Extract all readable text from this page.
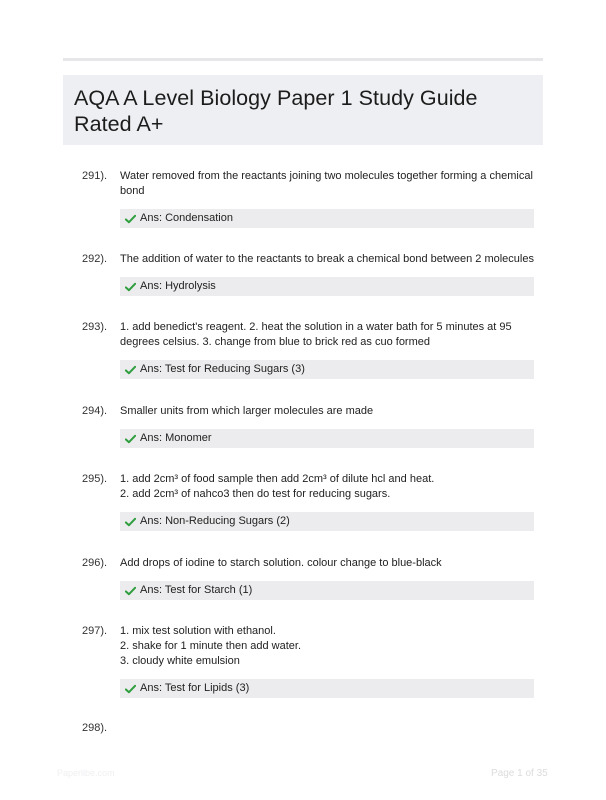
AQA A Level Biology Paper 1 Study Guide Rated A+
291). Water removed from the reactants joining two molecules together forming a chemical
bond
Ans: Condensation
292). The addition of water to the reactants to break a chemical bond between 2 molecules
Ans: Hydrolysis
293). 1. add benedict's reagent. 2. heat the solution in a water bath for 5 minutes at 95
degrees celsius. 3. change from blue to brick red as cuo formed
Ans: Test for Reducing Sugars (3)
294). Smaller units from which larger molecules are made
Ans: Monomer
295). 1. add 2cm³ of food sample then add 2cm³ of dilute hcl and heat.
2. add 2cm³ of nahco3 then do test for reducing sugars.
Ans: Non-Reducing Sugars (2)
296). Add drops of iodine to starch solution. colour change to blue-black
Ans: Test for Starch (1)
297). 1. mix test solution with ethanol.
2. shake for 1 minute then add water.
3. cloudy white emulsion
Ans: Test for Lipids (3)
298).
Paperlibe.com	Page 1 of 35
